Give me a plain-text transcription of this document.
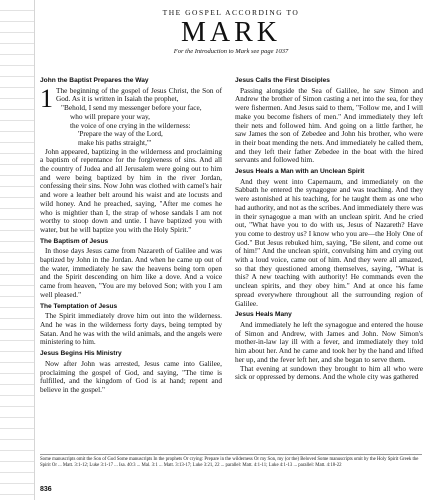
THE GOSPEL ACCORDING TO
MARK
For the Introduction to Mark see page 1037
John the Baptist Prepares the Way

1 The beginning of the gospel of Jesus Christ, the Son of God. As it is written in Isaiah the prophet,

"Behold, I send my messenger before your face,

who will prepare your way,
the voice of one crying in the wilderness:
'Prepare the way of the Lord,
make his paths straight,'"

John appeared, baptizing in the wilderness and proclaiming a baptism of repentance for the forgiveness of sins. And all the country of Judea and all Jerusalem were going out to him and were being baptized by him in the river Jordan, confessing their sins. Now John was clothed with camel's hair and wore a leather belt around his waist and ate locusts and wild honey. And he preached, saying, "After me comes he who is mightier than I, the strap of whose sandals I am not worthy to stoop down and untie. I have baptized you with water, but he will baptize you with the Holy Spirit."

The Baptism of Jesus

In those days Jesus came from Nazareth of Galilee and was baptized by John in the Jordan. And when he came up out of the water, immediately he saw the heavens being torn open and the Spirit descending on him like a dove. And a voice came from heaven, "You are my beloved Son; with you I am well pleased."

The Temptation of Jesus

The Spirit immediately drove him out into the wilderness. And he was in the wilderness forty days, being tempted by Satan. And he was with the wild animals, and the angels were ministering to him.

Jesus Begins His Ministry

Now after John was arrested, Jesus came into Galilee, proclaiming the gospel of God, and saying, "The time is fulfilled, and the kingdom of God is at hand; repent and believe in the gospel."

Jesus Calls the First Disciples

Passing alongside the Sea of Galilee, he saw Simon and Andrew the brother of Simon casting a net into the sea, for they were fishermen. And Jesus said to them, "Follow me, and I will make you become fishers of men." And immediately they left their nets and followed him. And going on a little farther, he saw James the son of Zebedee and John his brother, who were in their boat mending the nets. And immediately he called them, and they left their father Zebedee in the boat with the hired servants and followed him.

Jesus Heals a Man with an Unclean Spirit

And they went into Capernaum, and immediately on the Sabbath he entered the synagogue and was teaching. And they were astonished at his teaching, for he taught them as one who had authority, and not as the scribes. And immediately there was in their synagogue a man with an unclean spirit. And he cried out, "What have you to do with us, Jesus of Nazareth? Have you come to destroy us? I know who you are—the Holy One of God." But Jesus rebuked him, saying, "Be silent, and come out of him!" And the unclean spirit, convulsing him and crying out with a loud voice, came out of him. And they were all amazed, so that they questioned among themselves, saying, "What is this? A new teaching with authority! He commands even the unclean spirits, and they obey him." And at once his fame spread everywhere throughout all the surrounding region of Galilee.

Jesus Heals Many

And immediately he left the synagogue and entered the house of Simon and Andrew, with James and John. Now Simon's mother-in-law lay ill with a fever, and immediately they told him about her. And he came and took her by the hand and lifted her up, and the fever left her, and she began to serve them.

That evening at sundown they brought to him all who were sick or oppressed by demons. And the whole city was gathered

Some manuscripts omit the Son of God Some manuscripts In the prophets Or crying: Prepare in the wilderness Or my Son, my (or the) Beloved Some manuscripts omit by the Holy Spirit Greek the Spirit Or ... Matt. 3:1-12; Luke 3:1-17 ... Isa. 40:3 ... Mal. 3:1 ... Matt. 3:13-17; Luke 3:21, 22 ... parallel: Matt. 4:1-11; Luke 4:1-13 ... parallel: Matt. 4:18-22
836
